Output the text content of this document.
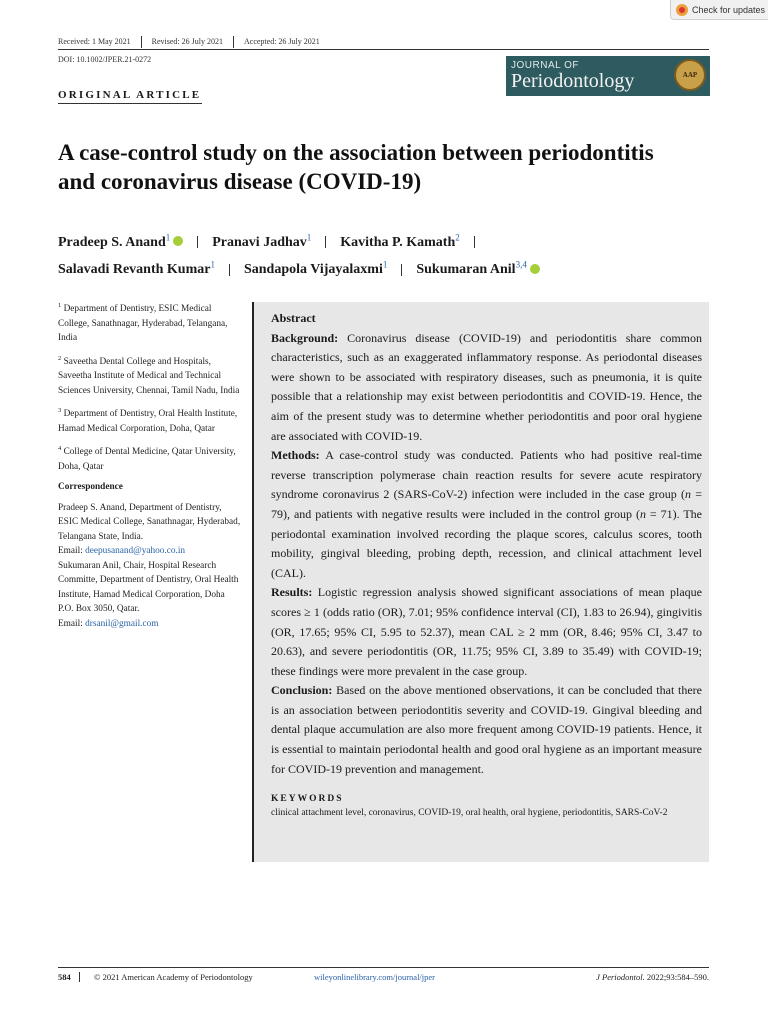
Check for updates
Received: 1 May 2021	Revised: 26 July 2021	Accepted: 26 July 2021
DOI: 10.1002/JPER.21-0272
JOURNAL OF
Periodontology	AAP
ORIGINAL ARTICLE
A case-control study on the association between periodontitis and coronavirus disease (COVID-19)
Pradeep S. Anand$^1$	Pranavi Jadhav$^1$ Kavitha P. Kamath$^2$
Salavadi Revanth Kumar$^1$ Sandapola Vijayalaxmi$^1$ Sukumaran Anil$^{3,4}$

$^1$ Department of Dentistry, ESIC Medical College, Sanathnagar, Hyderabad, Telangana, India

$^2$ Saveetha Dental College and Hospitals, Saveetha Institute of Medical and Technical Sciences University, Chennai, Tamil Nadu, India

$^3$ Department of Dentistry, Oral Health Institute, Hamad Medical Corporation, Doha, Qatar

$^4$ College of Dental Medicine, Qatar University, Doha, Qatar

Correspondence

Pradeep S. Anand, Department of Dentistry, ESIC Medical College, Sanathnagar, Hyderabad, Telangana State, India.
Email: deepusanand@yahoo.co.in
Sukumaran Anil, Chair, Hospital Research Committe, Department of Dentistry, Oral Health Institute, Hamad Medical Corporation, Doha P.O. Box 3050, Qatar.
Email: drsanil@gmail.com

Abstract

Background: Coronavirus disease (COVID-19) and periodontitis share common characteristics, such as an exaggerated inflammatory response. As periodontal diseases were shown to be associated with respiratory diseases, such as pneumonia, it is quite possible that a relationship may exist between periodontitis and COVID-19. Hence, the aim of the present study was to determine whether periodontitis and poor oral hygiene are associated with COVID-19.

Methods: A case-control study was conducted. Patients who had positive real-time reverse transcription polymerase chain reaction results for severe acute respiratory syndrome coronavirus 2 (SARS-CoV-2) infection were included in the case group (n = 79), and patients with negative results were included in the control group (n = 71). The periodontal examination involved recording the plaque scores, calculus scores, tooth mobility, gingival bleeding, probing depth, recession, and clinical attachment level (CAL).

Results: Logistic regression analysis showed significant associations of mean plaque scores ≥ 1 (odds ratio (OR), 7.01; 95% confidence interval (CI), 1.83 to 26.94), gingivitis (OR, 17.65; 95% CI, 5.95 to 52.37), mean CAL ≥ 2 mm (OR, 8.46; 95% CI, 3.47 to 20.63), and severe periodontitis (OR, 11.75; 95% CI, 3.89 to 35.49) with COVID-19; these findings were more prevalent in the case group.

Conclusion: Based on the above mentioned observations, it can be concluded that there is an association between periodontitis severity and COVID-19. Gingival bleeding and dental plaque accumulation are also more frequent among COVID-19 patients. Hence, it is essential to maintain periodontal health and good oral hygiene as an important measure for COVID-19 prevention and management.

KEYWORDS

clinical attachment level, coronavirus, COVID-19, oral health, oral hygiene, periodontitis, SARS-CoV-2

584	© 2021 American Academy of Periodontology	wileyonlinelibrary.com/journal/jper	J Periodontol. 2022;93:584–590.
